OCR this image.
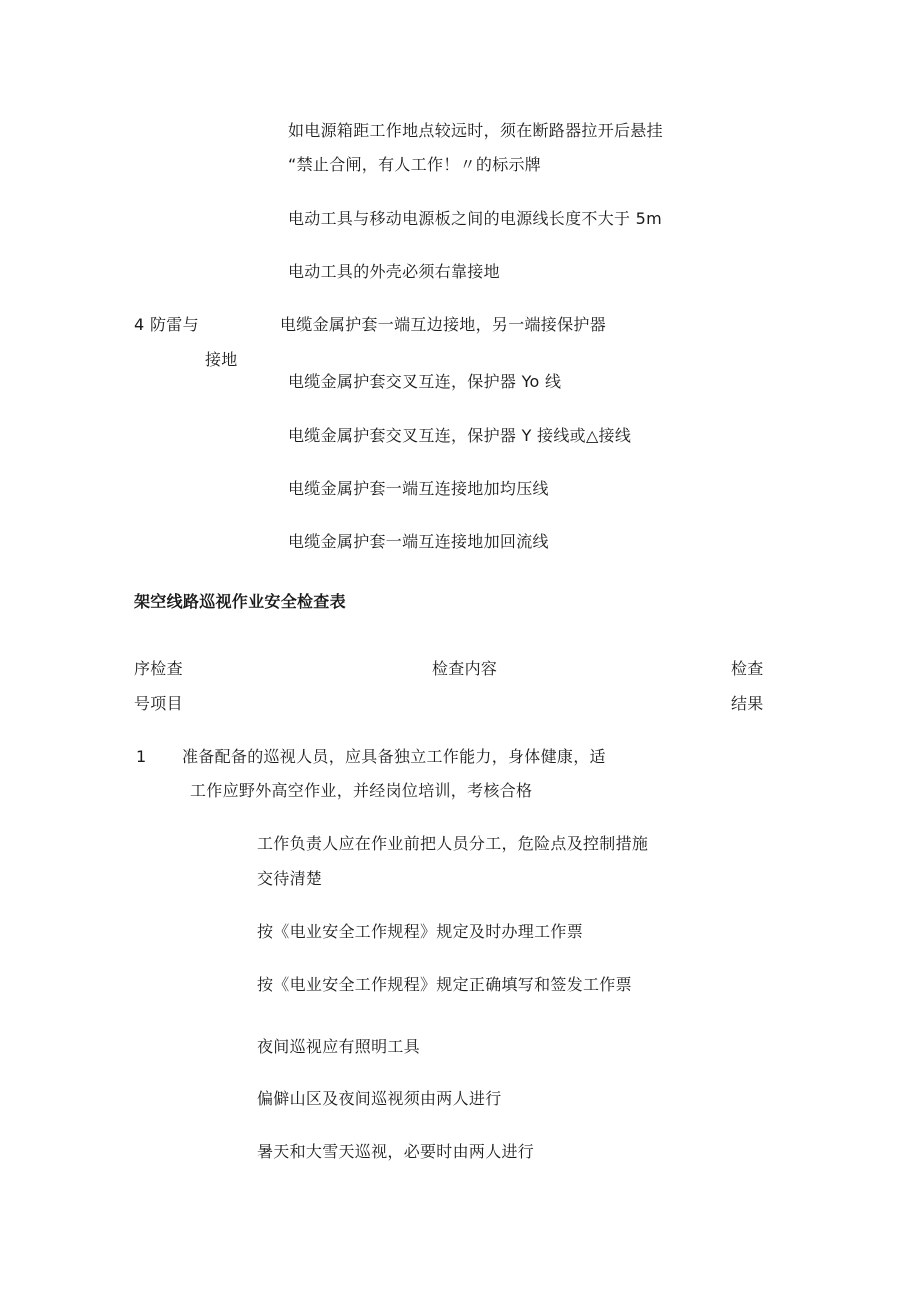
如电源箱距工作地点较远时，须在断路器拉开后悬挂
“禁止合闸，有人工作！〃的标示牌
电动工具与移动电源板之间的电源线长度不大于 5m
电动工具的外壳必须右靠接地
4 防雷与
接地
电缆金属护套一端互边接地，另一端接保护器
电缆金属护套交叉互连，保护器 Yo 线
电缆金属护套交叉互连，保护器 Y 接线或△接线
电缆金属护套一端互连接地加均压线
电缆金属护套一端互连接地加回流线
架空线路巡视作业安全检查表
序检查
号项目
检查内容	检查
结果
1 准备配备的巡视人员，应具备独立工作能力，身体健康，适
工作应野外高空作业，并经岗位培训，考核合格
工作负责人应在作业前把人员分工，危险点及控制措施
交待清楚
按《电业安全工作规程》规定及时办理工作票
按《电业安全工作规程》规定正确填写和签发工作票
夜间巡视应有照明工具
偏僻山区及夜间巡视须由两人进行
暑天和大雪天巡视，必要时由两人进行
